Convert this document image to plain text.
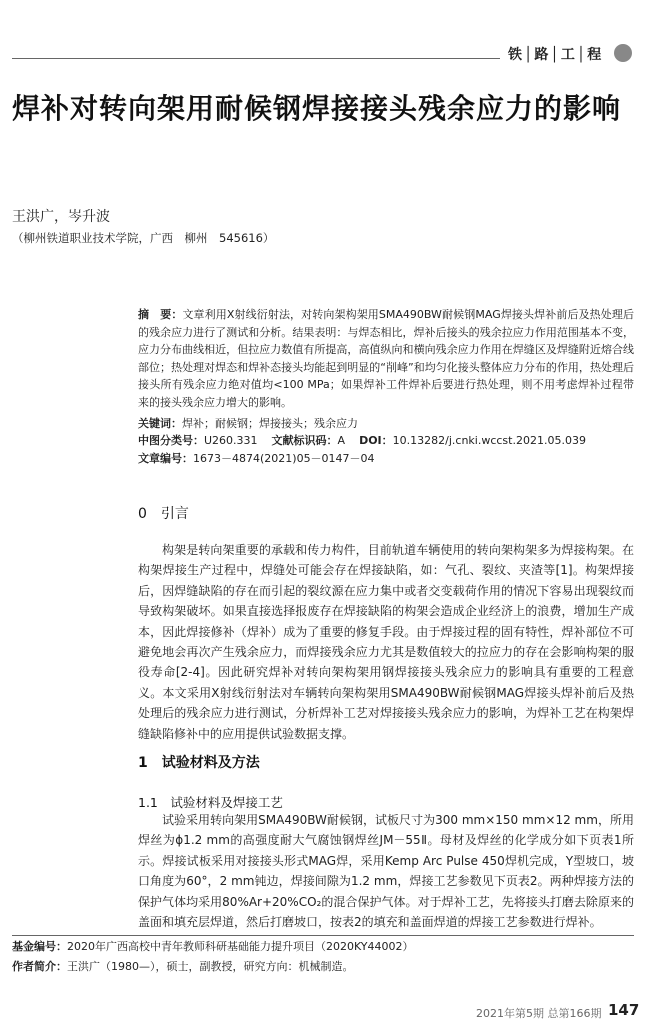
铁│路│工│程
焊补对转向架用耐候钢焊接接头残余应力的影响
王洪广，岑升波
（柳州铁道职业技术学院，广西　柳州　545616）
摘　要：文章利用X射线衍射法，对转向架构架用SMA490BW耐候钢MAG焊接头焊补前后及热处理后的残余应力进行了测试和分析。结果表明：与焊态相比，焊补后接头的残余拉应力作用范围基本不变，应力分布曲线相近，但拉应力数值有所提高，高值纵向和横向残余应力作用在焊缝区及焊缝附近熔合线部位；热处理对焊态和焊补态接头均能起到明显的“削峰”和均匀化接头整体应力分布的作用，热处理后接头所有残余应力绝对值均<100 MPa；如果焊补工件焊补后要进行热处理，则不用考虑焊补过程带来的接头残余应力增大的影响。
关键词：焊补；耐候钢；焊接接头；残余应力
中图分类号：U260.331 文献标识码：A DOI：10.13282/j.cnki.wccst.2021.05.039
文章编号：1673－4874(2021)05－0147－04
0　引言
构架是转向架重要的承载和传力构件，目前轨道车辆使用的转向架构架多为焊接构架。在构架焊接生产过程中，焊缝处可能会存在焊接缺陷，如：气孔、裂纹、夹渣等[1]。构架焊接后，因焊缝缺陷的存在而引起的裂纹源在应力集中或者交变载荷作用的情况下容易出现裂纹而导致构架破坏。如果直接选择报废存在焊接缺陷的构架会造成企业经济上的浪费，增加生产成本，因此焊接修补（焊补）成为了重要的修复手段。由于焊接过程的固有特性，焊补部位不可避免地会再次产生残余应力，而焊接残余应力尤其是数值较大的拉应力的存在会影响构架的服役寿命[2-4]。因此研究焊补对转向架构架用钢焊接接头残余应力的影响具有重要的工程意义。本文采用X射线衍射法对车辆转向架构架用SMA490BW耐候钢MAG焊接头焊补前后及热处理后的残余应力进行测试，分析焊补工艺对焊接接头残余应力的影响，为焊补工艺在构架焊缝缺陷修补中的应用提供试验数据支撑。
1　试验材料及方法
1.1　试验材料及焊接工艺
试验采用转向架用SMA490BW耐候钢，试板尺寸为300 mm×150 mm×12 mm，所用焊丝为ϕ1.2 mm的高强度耐大气腐蚀钢焊丝JM－55Ⅱ。母材及焊丝的化学成分如下页表1所示。焊接试板采用对接接头形式MAG焊，采用Kemp Arc Pulse 450焊机完成，Y型坡口，坡口角度为60°，2 mm钝边，焊接间隙为1.2 mm，焊接工艺参数见下页表2。两种焊接方法的保护气体均采用80%Ar+20%CO₂的混合保护气体。对于焊补工艺，先将接头打磨去除原来的盖面和填充层焊道，然后打磨坡口，按表2的填充和盖面焊道的焊接工艺参数进行焊补。
基金编号：2020年广西高校中青年教师科研基础能力提升项目（2020KY44002）
作者简介：王洪广（1980—），硕士，副教授，研究方向：机械制造。
2021年第5期 总第166期 147
